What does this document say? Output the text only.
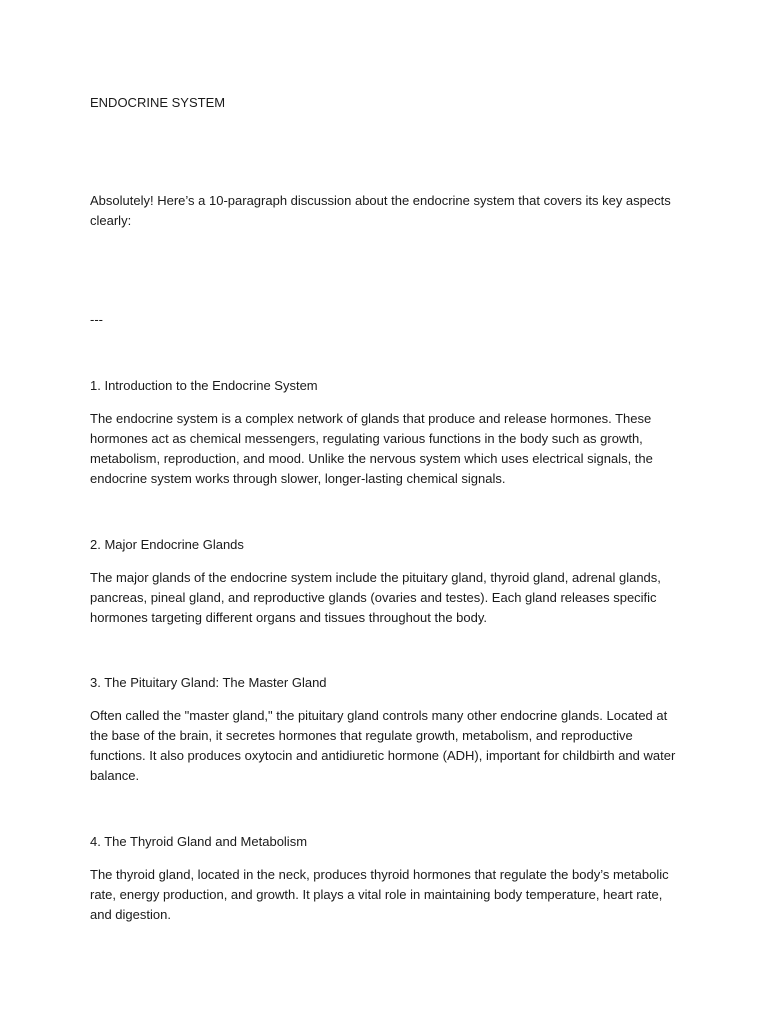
ENDOCRINE SYSTEM

Absolutely! Here’s a 10-paragraph discussion about the endocrine system that covers its key aspects clearly:

---

1. Introduction to the Endocrine System

The endocrine system is a complex network of glands that produce and release hormones. These hormones act as chemical messengers, regulating various functions in the body such as growth, metabolism, reproduction, and mood. Unlike the nervous system which uses electrical signals, the endocrine system works through slower, longer-lasting chemical signals.

2. Major Endocrine Glands

The major glands of the endocrine system include the pituitary gland, thyroid gland, adrenal glands, pancreas, pineal gland, and reproductive glands (ovaries and testes). Each gland releases specific hormones targeting different organs and tissues throughout the body.

3. The Pituitary Gland: The Master Gland

Often called the "master gland," the pituitary gland controls many other endocrine glands. Located at the base of the brain, it secretes hormones that regulate growth, metabolism, and reproductive functions. It also produces oxytocin and antidiuretic hormone (ADH), important for childbirth and water balance.

4. The Thyroid Gland and Metabolism

The thyroid gland, located in the neck, produces thyroid hormones that regulate the body’s metabolic rate, energy production, and growth. It plays a vital role in maintaining body temperature, heart rate, and digestion.
